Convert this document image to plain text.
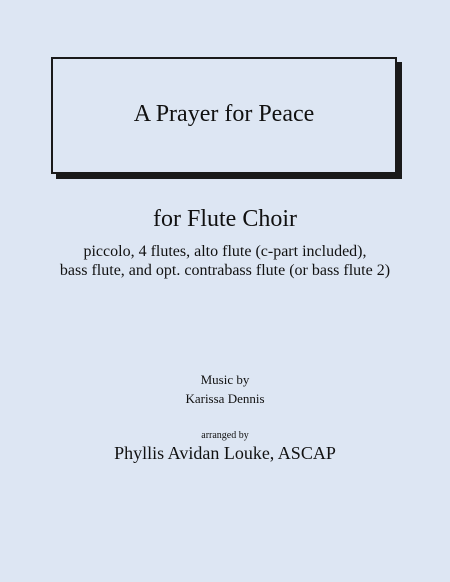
A Prayer for Peace

for Flute Choir

piccolo, 4 flutes, alto flute (c-part included),

bass flute, and opt. contrabass flute (or bass flute 2)

Music by

Karissa Dennis

arranged by

Phyllis Avidan Louke, ASCAP
